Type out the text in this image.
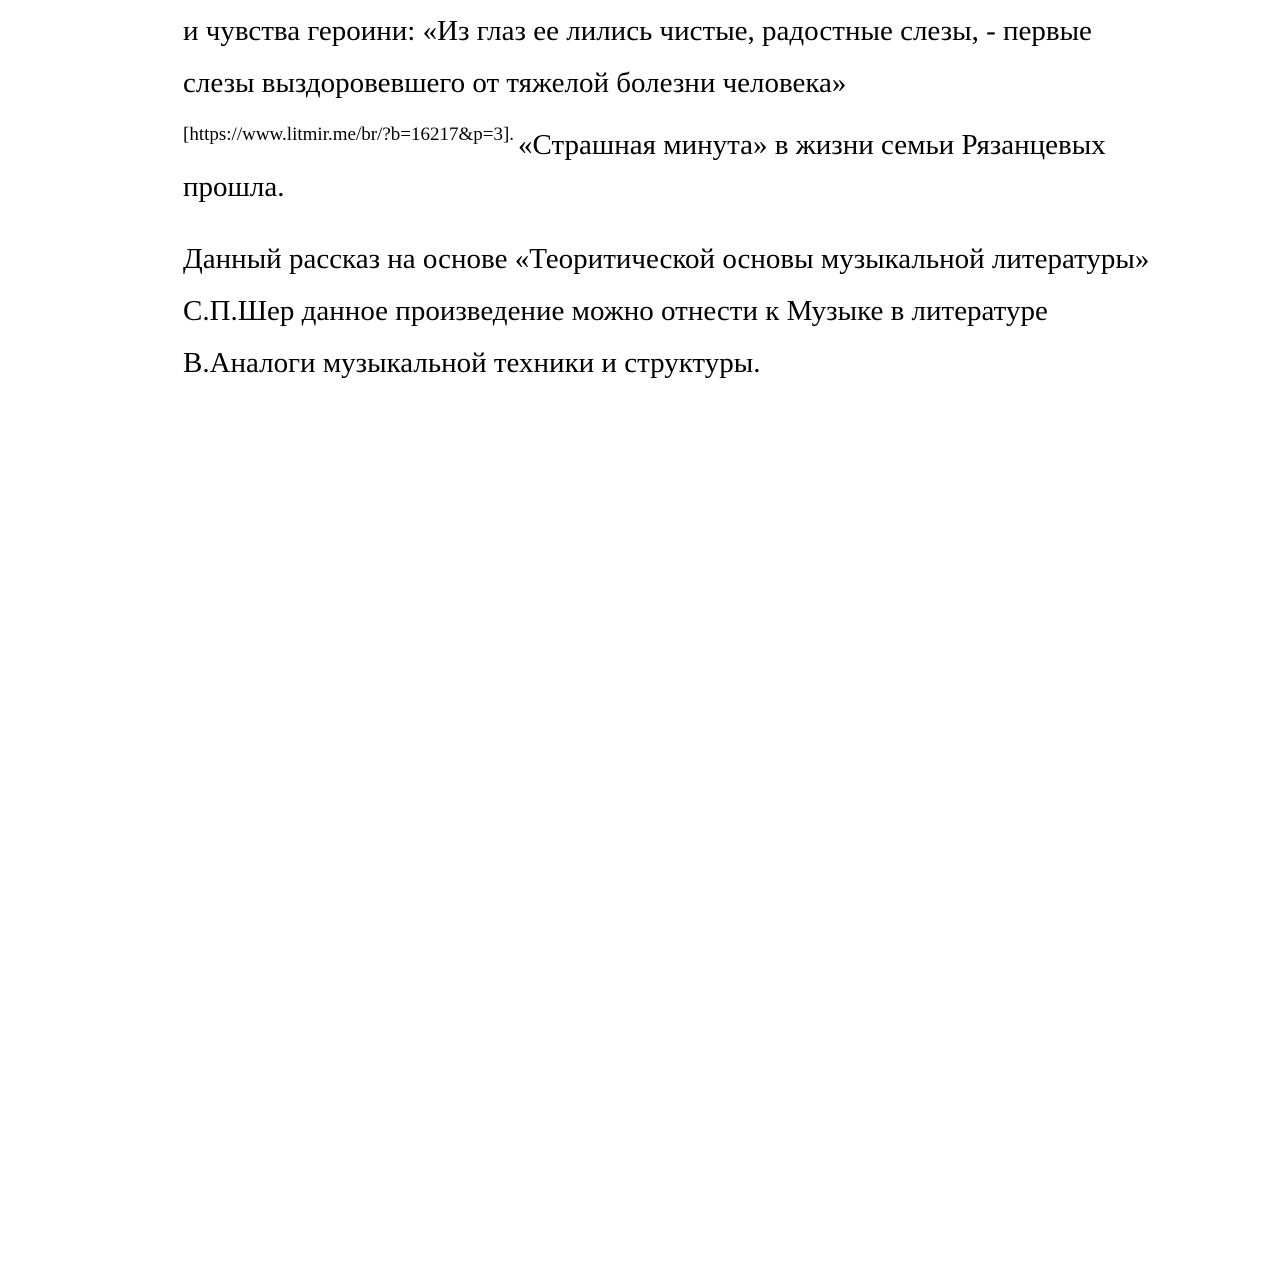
и чувства героини: «Из глаз ее лились чистые, радостные слезы, - первые
слезы выздоровевшего от тяжелой болезни человека»
$^{[https://www.litmir.me/br/?b=16217\&p=3].}$ «Страшная минута» в жизни семьи Рязанцевых
прошла.
Данный рассказ на основе «Теоритической основы музыкальной литературы»
С.П.Шер данное произведение можно отнести к Музыке в литературе
В.Аналоги музыкальной техники и структуры.
